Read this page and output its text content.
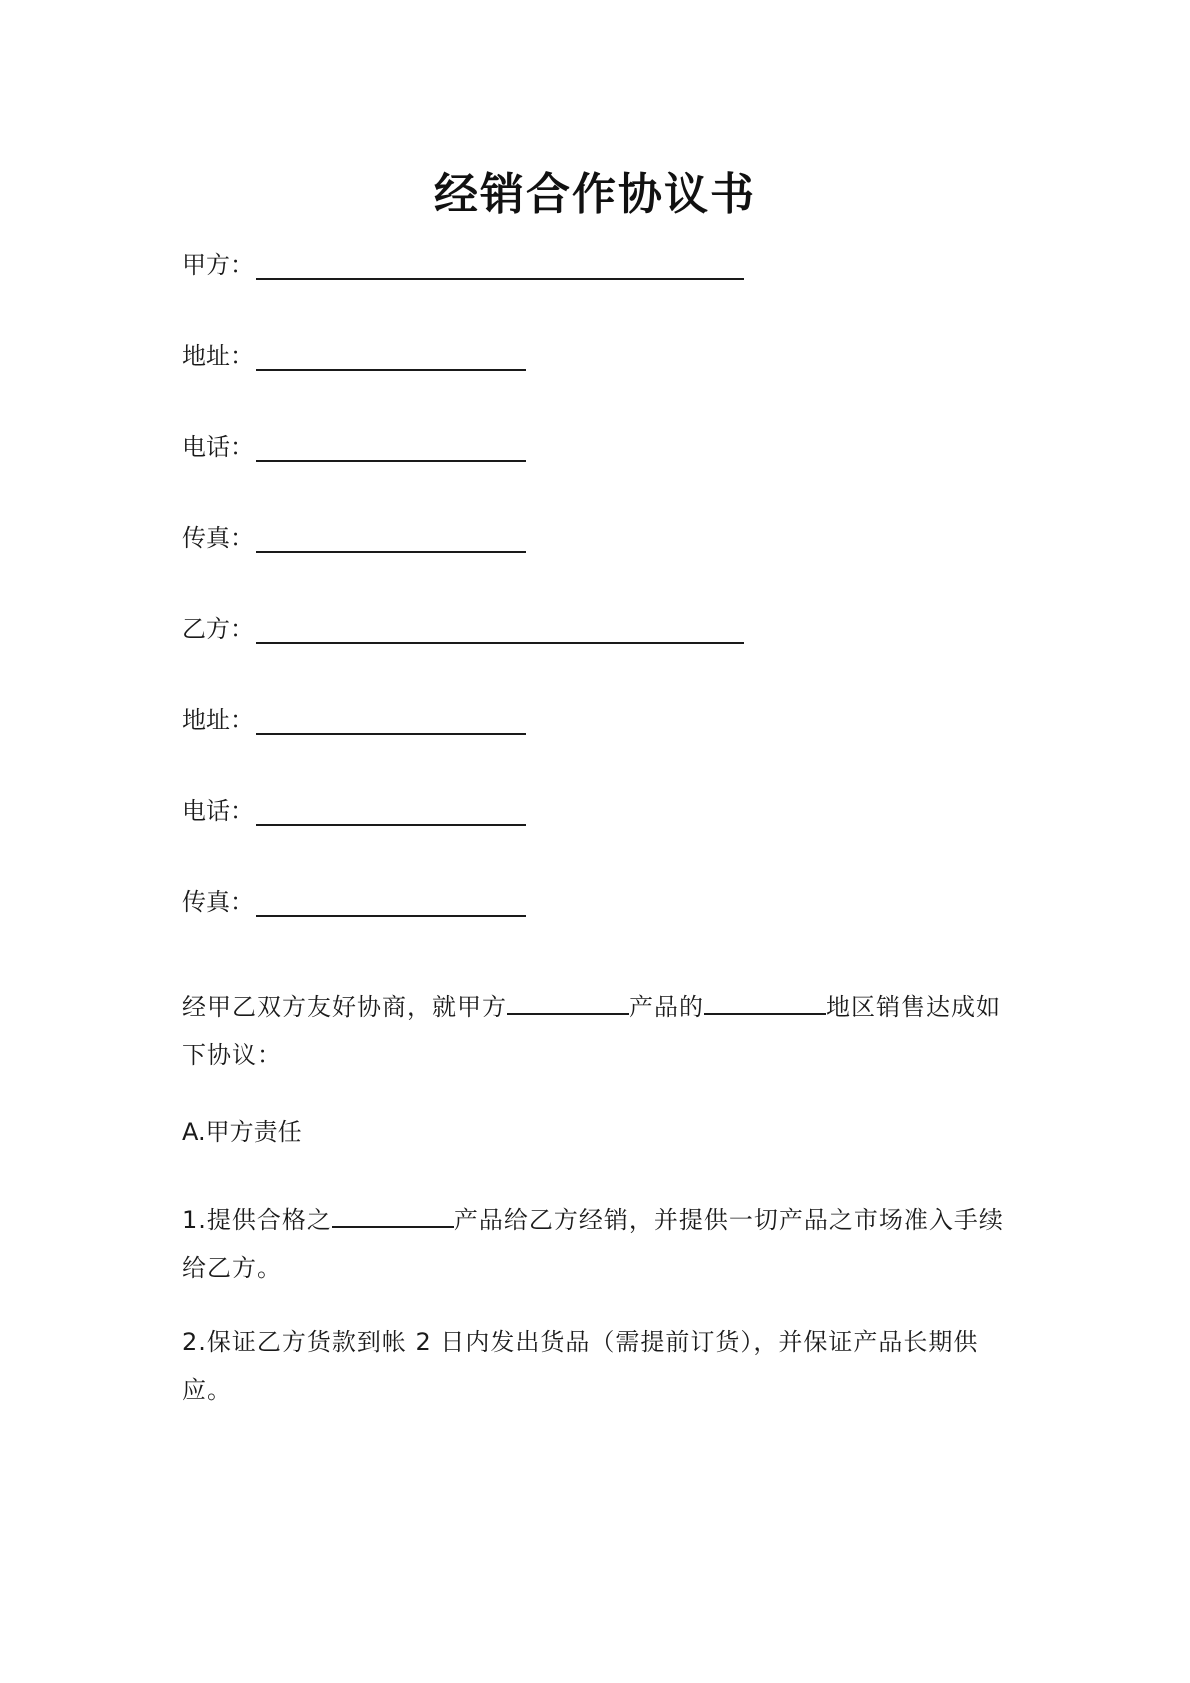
经销合作协议书
甲方：
地址：
电话：
传真：
乙方：
地址：
电话：
传真：
经甲乙双方友好协商，就甲方	产品的	地区销售达成如下协议：
A.甲方责任
1.提供合格之	产品给乙方经销，并提供一切产品之市场准入手续给乙方。
2.保证乙方货款到帐 2 日内发出货品（需提前订货），并保证产品长期供应。
